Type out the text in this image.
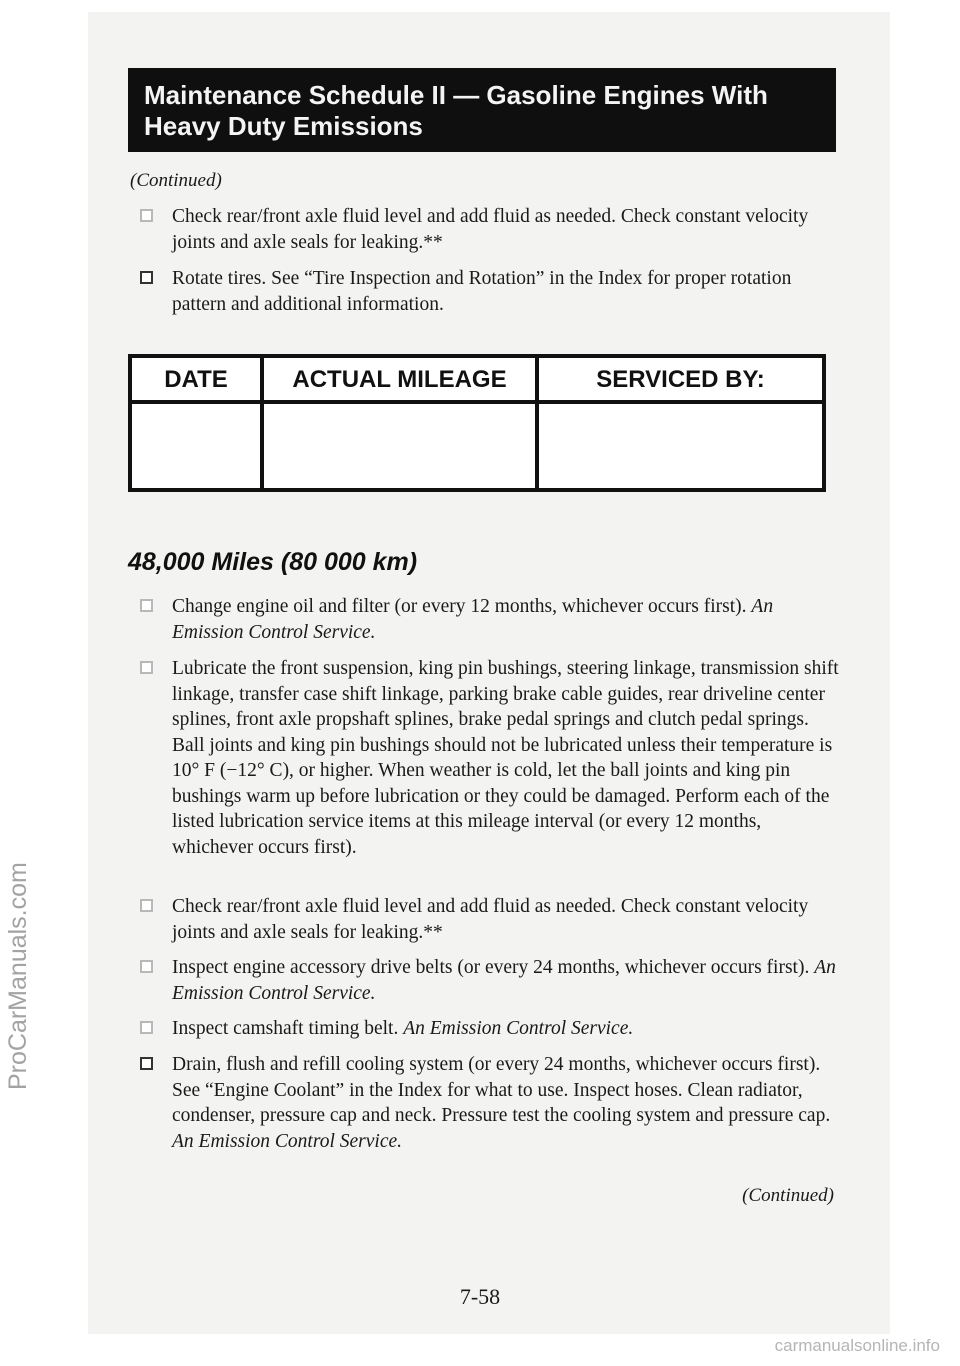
Maintenance Schedule II — Gasoline Engines With
Heavy Duty Emissions
(Continued)
Check rear/front axle fluid level and add fluid as needed. Check constant velocity joints and axle seals for leaking.**
Rotate tires. See “Tire Inspection and Rotation” in the Index for proper rotation pattern and additional information.
DATE	ACTUAL MILEAGE	SERVICED BY:
48,000 Miles (80 000 km)
Change engine oil and filter (or every 12 months, whichever occurs first). An Emission Control Service.
Lubricate the front suspension, king pin bushings, steering linkage, transmission shift linkage, transfer case shift linkage, parking brake cable guides, rear driveline center splines, front axle propshaft splines, brake pedal springs and clutch pedal springs. Ball joints and king pin bushings should not be lubricated unless their temperature is 10° F (−12° C), or higher. When weather is cold, let the ball joints and king pin bushings warm up before lubrication or they could be damaged. Perform each of the listed lubrication service items at this mileage interval (or every 12 months, whichever occurs first).
Check rear/front axle fluid level and add fluid as needed. Check constant velocity joints and axle seals for leaking.**
Inspect engine accessory drive belts (or every 24 months, whichever occurs first). An Emission Control Service.
Inspect camshaft timing belt. An Emission Control Service.
Drain, flush and refill cooling system (or every 24 months, whichever occurs first). See “Engine Coolant” in the Index for what to use. Inspect hoses. Clean radiator, condenser, pressure cap and neck. Pressure test the cooling system and pressure cap. An Emission Control Service.
(Continued)
7-58
ProCarManuals.com
carmanualsonline.info
